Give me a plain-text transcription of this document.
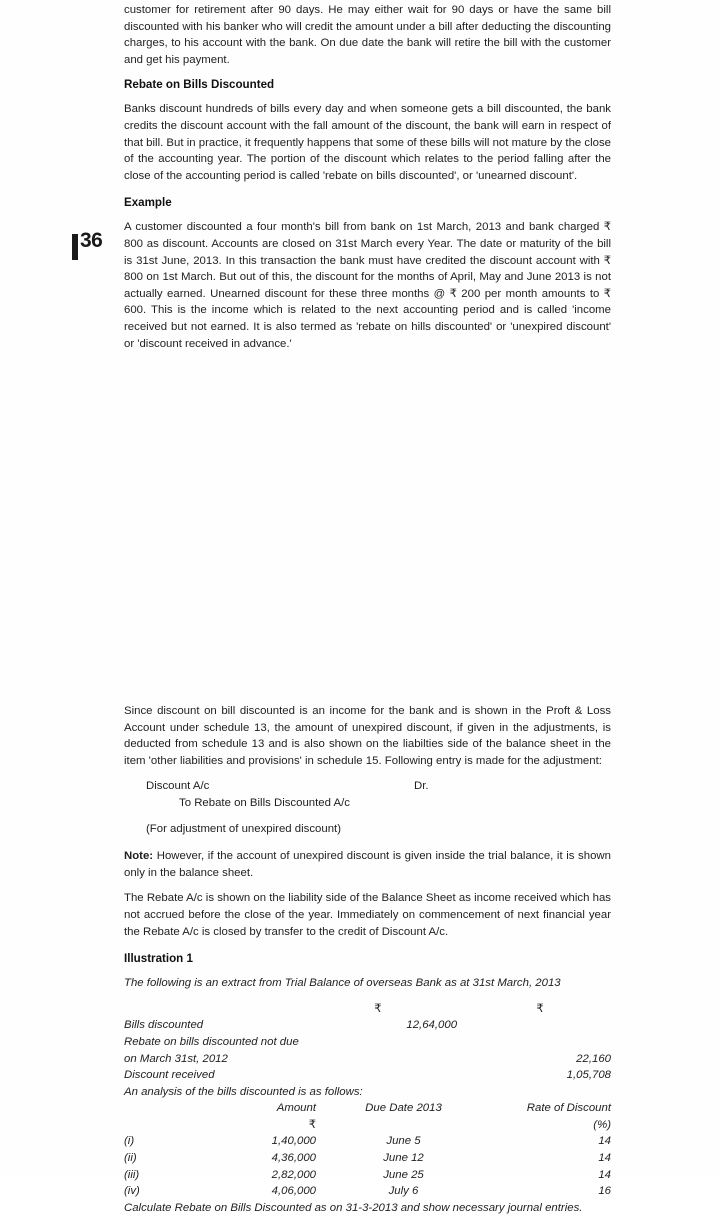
36

customer for retirement after 90 days. He may either wait for 90 days or have the same bill discounted with his banker who will credit the amount under a bill after deducting the discounting charges, to his account with the bank. On due date the bank will retire the bill with the customer and get his payment.

Rebate on Bills Discounted

Banks discount hundreds of bills every day and when someone gets a bill discounted, the bank credits the discount account with the fall amount of the discount, the bank will earn in respect of that bill. But in practice, it frequently happens that some of these bills will not mature by the close of the accounting year. The portion of the discount which relates to the period falling after the close of the accounting period is called 'rebate on bills discounted', or 'unearned discount'.

Example

A customer discounted a four month's bill from bank on 1st March, 2013 and bank charged ₹ 800 as discount. Accounts are closed on 31st March every Year. The date or maturity of the bill is 31st June, 2013. In this transaction the bank must have credited the discount account with ₹ 800 on 1st March. But out of this, the discount for the months of April, May and June 2013 is not actually earned. Unearned discount for these three months @ ₹ 200 per month amounts to ₹ 600. This is the income which is related to the next accounting period and is called 'income received but not earned. It is also termed as 'rebate on hills discounted' or 'unexpired discount' or 'discount received in advance.'

Since discount on bill discounted is an income for the bank and is shown in the Proft & Loss Account under schedule 13, the amount of unexpired discount, if given in the adjustments, is deducted from schedule 13 and is also shown on the liabilties side of the balance sheet in the item 'other liabilities and provisions' in schedule 15. Following entry is made for the adjustment:

Discount A/c	Dr.
To Rebate on Bills Discounted A/c
(For adjustment of unexpired discount)

Note: However, if the account of unexpired discount is given inside the trial balance, it is shown only in the balance sheet.

The Rebate A/c is shown on the liability side of the Balance Sheet as income received which has not accrued before the close of the year. Immediately on commencement of next financial year the Rebate A/c is closed by transfer to the credit of Discount A/c.

Illustration 1

The following is an extract from Trial Balance of overseas Bank as at 31st March, 2013

	₹	₹
Bills discounted	12,64,000	
Rebate on bills discounted not due		
on March 31st, 2012		22,160
Discount received		1,05,708
An analysis of the bills discounted is as follows:
	Amount	Due Date 2013	Rate of Discount
	₹		(%)
(i)	1,40,000	June 5	14
(ii)	4,36,000	June 12	14
(iii)	2,82,000	June 25	14
(iv)	4,06,000	July 6	16
Calculate Rebate on Bills Discounted as on 31-3-2013 and show necessary journal entries.
